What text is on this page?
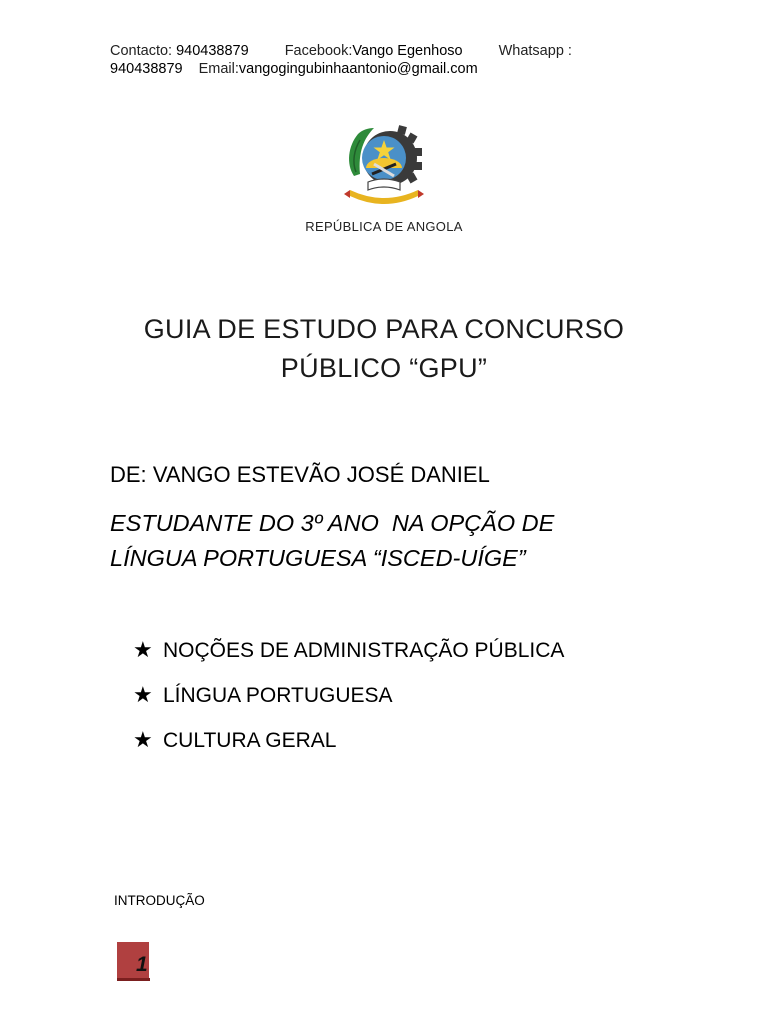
Contacto: 940438879 Facebook:Vango Egenhoso Whatsapp :
940438879 Email:vangogingubinhaantonio@gmail.com
REPÚBLICA DE ANGOLA
GUIA DE ESTUDO PARA CONCURSO
PÚBLICO “GPU”
DE: VANGO ESTEVÃO JOSÉ DANIEL
ESTUDANTE DO 3º ANO  NA OPÇÃO DE
LÍNGUA PORTUGUESA “ISCED-UÍGE”
★ NOÇÕES DE ADMINISTRAÇÃO PÚBLICA
★ LÍNGUA PORTUGUESA
★ CULTURA GERAL
INTRODUÇÃO
1
